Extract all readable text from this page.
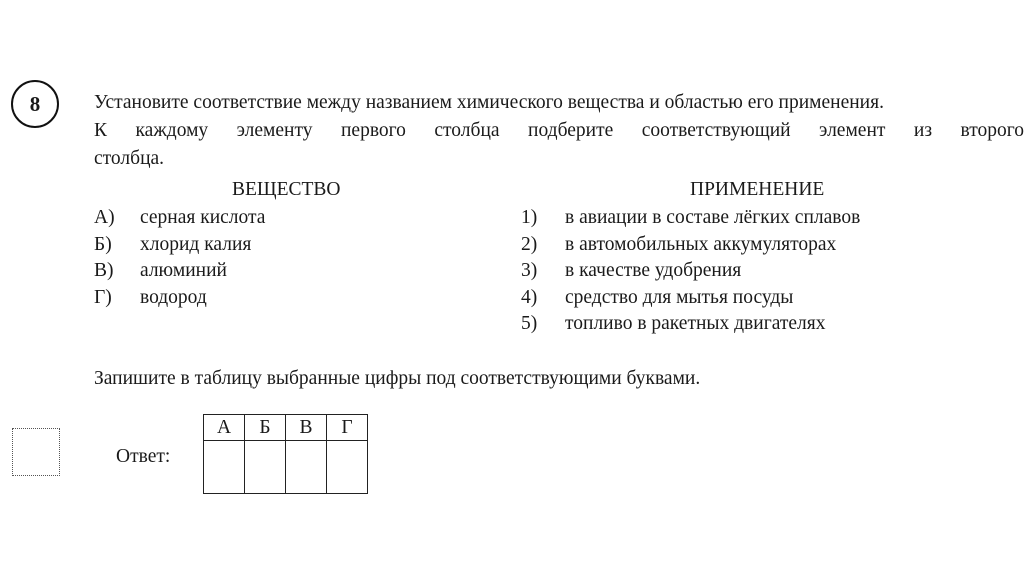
8	Установите соответствие между названием химического вещества и областью его применения.
К каждому элементу первого столбца подберите соответствующий элемент из второго
столбца.

ВЕЩЕСТВО	ПРИМЕНЕНИЕ
А)	серная кислота
Б)	хлорид калия
В)	алюминий
Г)	водород
1)	в авиации в составе лёгких сплавов
2)	в автомобильных аккумуляторах
3)	в качестве удобрения
4)	средство для мытья посуды
5)	топливо в ракетных двигателях

Запишите в таблицу выбранные цифры под соответствующими буквами.

Ответ:
А	Б	В	Г
